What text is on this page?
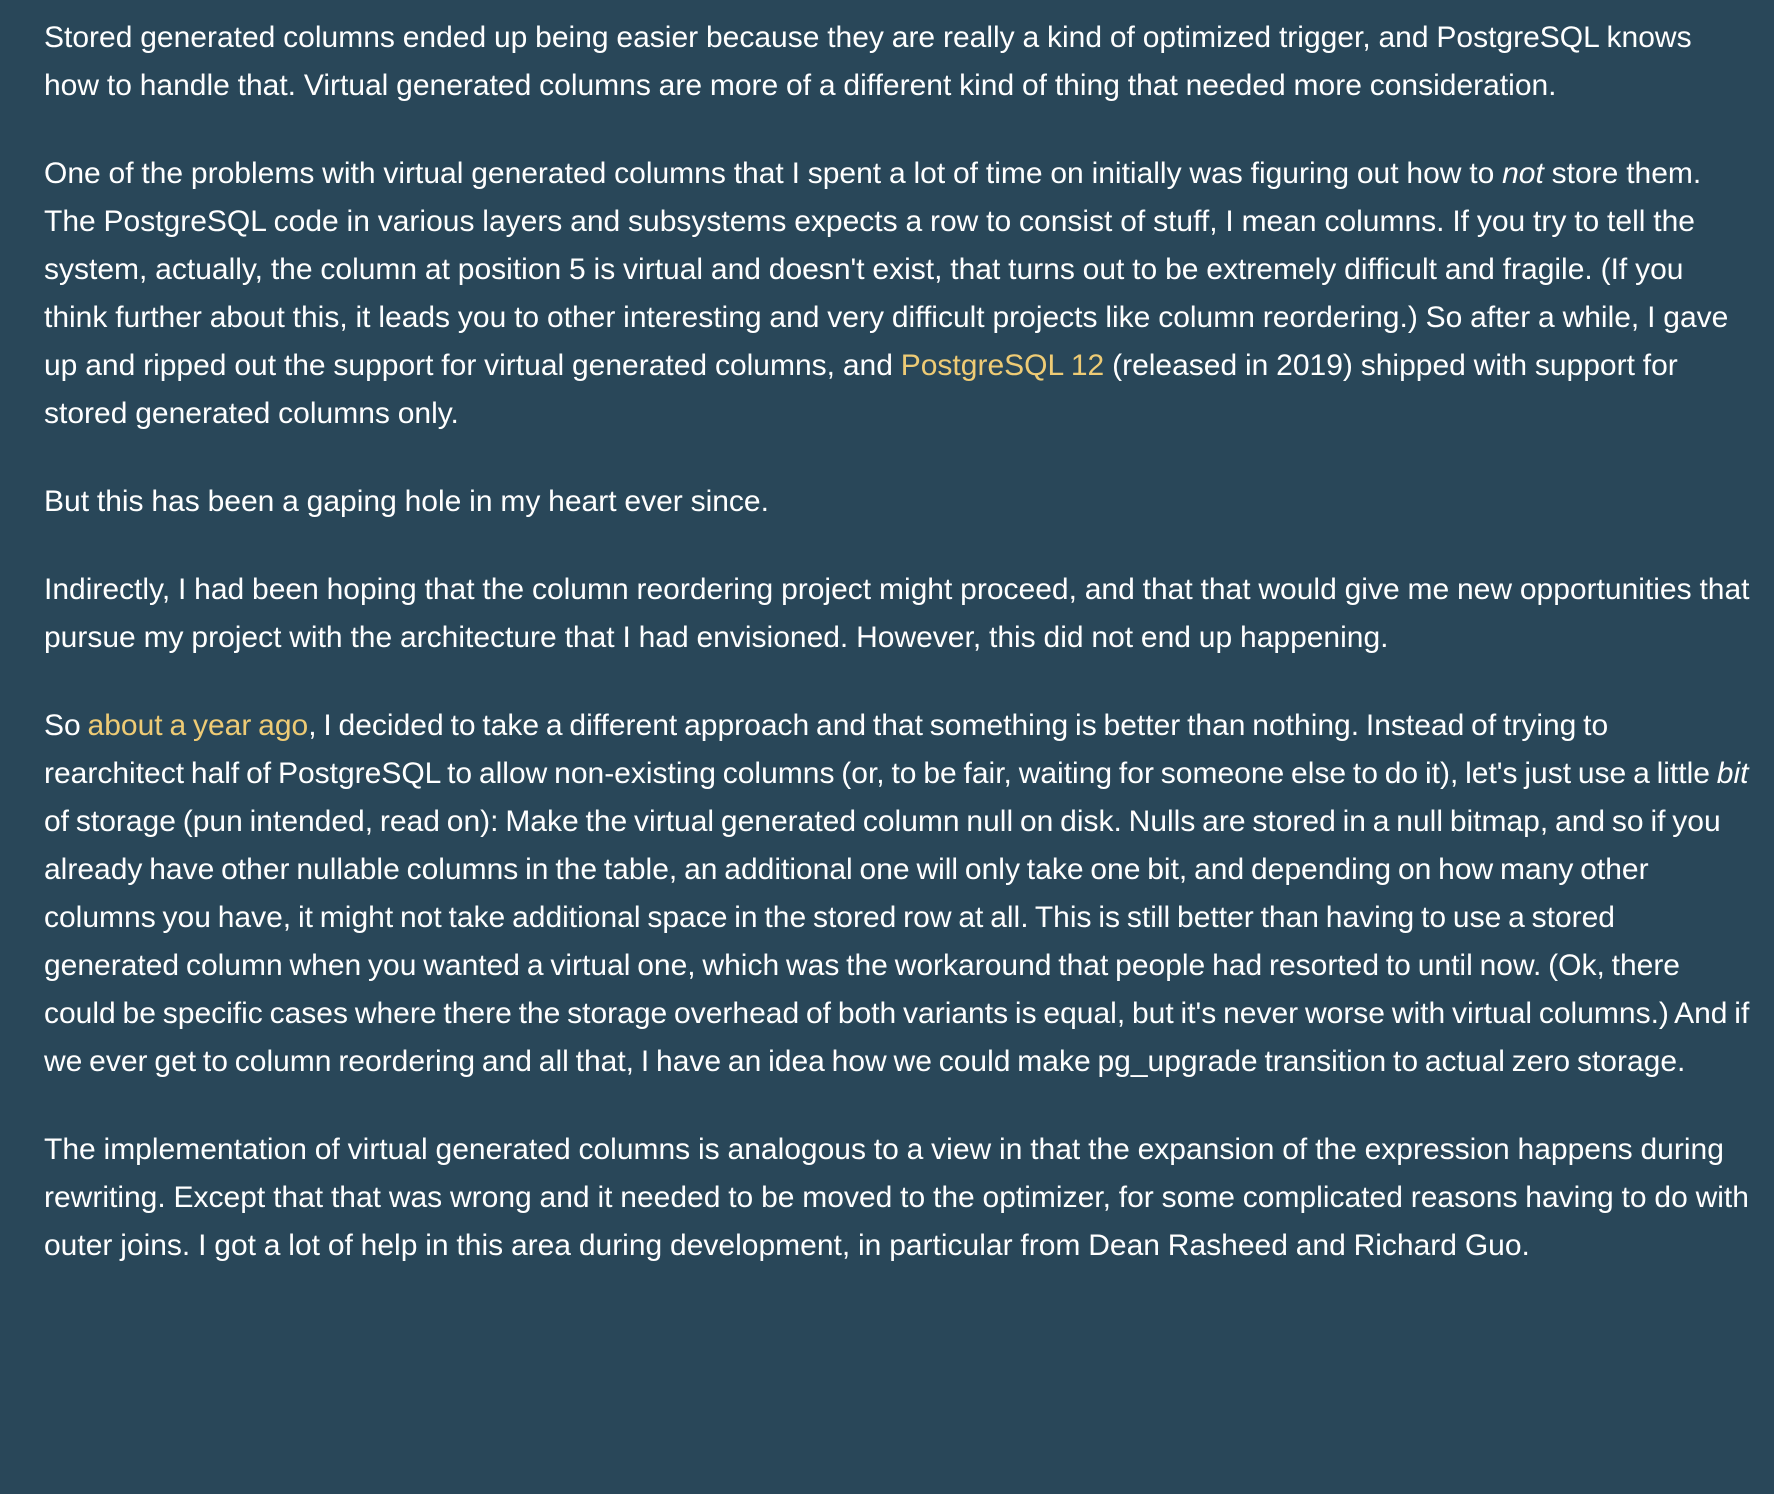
Stored generated columns ended up being easier because they are really a kind of optimized trigger, and PostgreSQL knows how to handle that. Virtual generated columns are more of a different kind of thing that needed more consideration.

One of the problems with virtual generated columns that I spent a lot of time on initially was figuring out how to not store them. The PostgreSQL code in various layers and subsystems expects a row to consist of stuff, I mean columns. If you try to tell the system, actually, the column at position 5 is virtual and doesn't exist, that turns out to be extremely difficult and fragile. (If you think further about this, it leads you to other interesting and very difficult projects like column reordering.) So after a while, I gave up and ripped out the support for virtual generated columns, and PostgreSQL 12 (released in 2019) shipped with support for stored generated columns only.

But this has been a gaping hole in my heart ever since.

Indirectly, I had been hoping that the column reordering project might proceed, and that that would give me new opportunities that pursue my project with the architecture that I had envisioned. However, this did not end up happening.

So about a year ago, I decided to take a different approach and that something is better than nothing. Instead of trying to rearchitect half of PostgreSQL to allow non-existing columns (or, to be fair, waiting for someone else to do it), let's just use a little bit of storage (pun intended, read on): Make the virtual generated column null on disk. Nulls are stored in a null bitmap, and so if you already have other nullable columns in the table, an additional one will only take one bit, and depending on how many other columns you have, it might not take additional space in the stored row at all. This is still better than having to use a stored generated column when you wanted a virtual one, which was the workaround that people had resorted to until now. (Ok, there could be specific cases where there the storage overhead of both variants is equal, but it's never worse with virtual columns.) And if we ever get to column reordering and all that, I have an idea how we could make pg_upgrade transition to actual zero storage.

The implementation of virtual generated columns is analogous to a view in that the expansion of the expression happens during rewriting. Except that that was wrong and it needed to be moved to the optimizer, for some complicated reasons having to do with outer joins. I got a lot of help in this area during development, in particular from Dean Rasheed and Richard Guo.
